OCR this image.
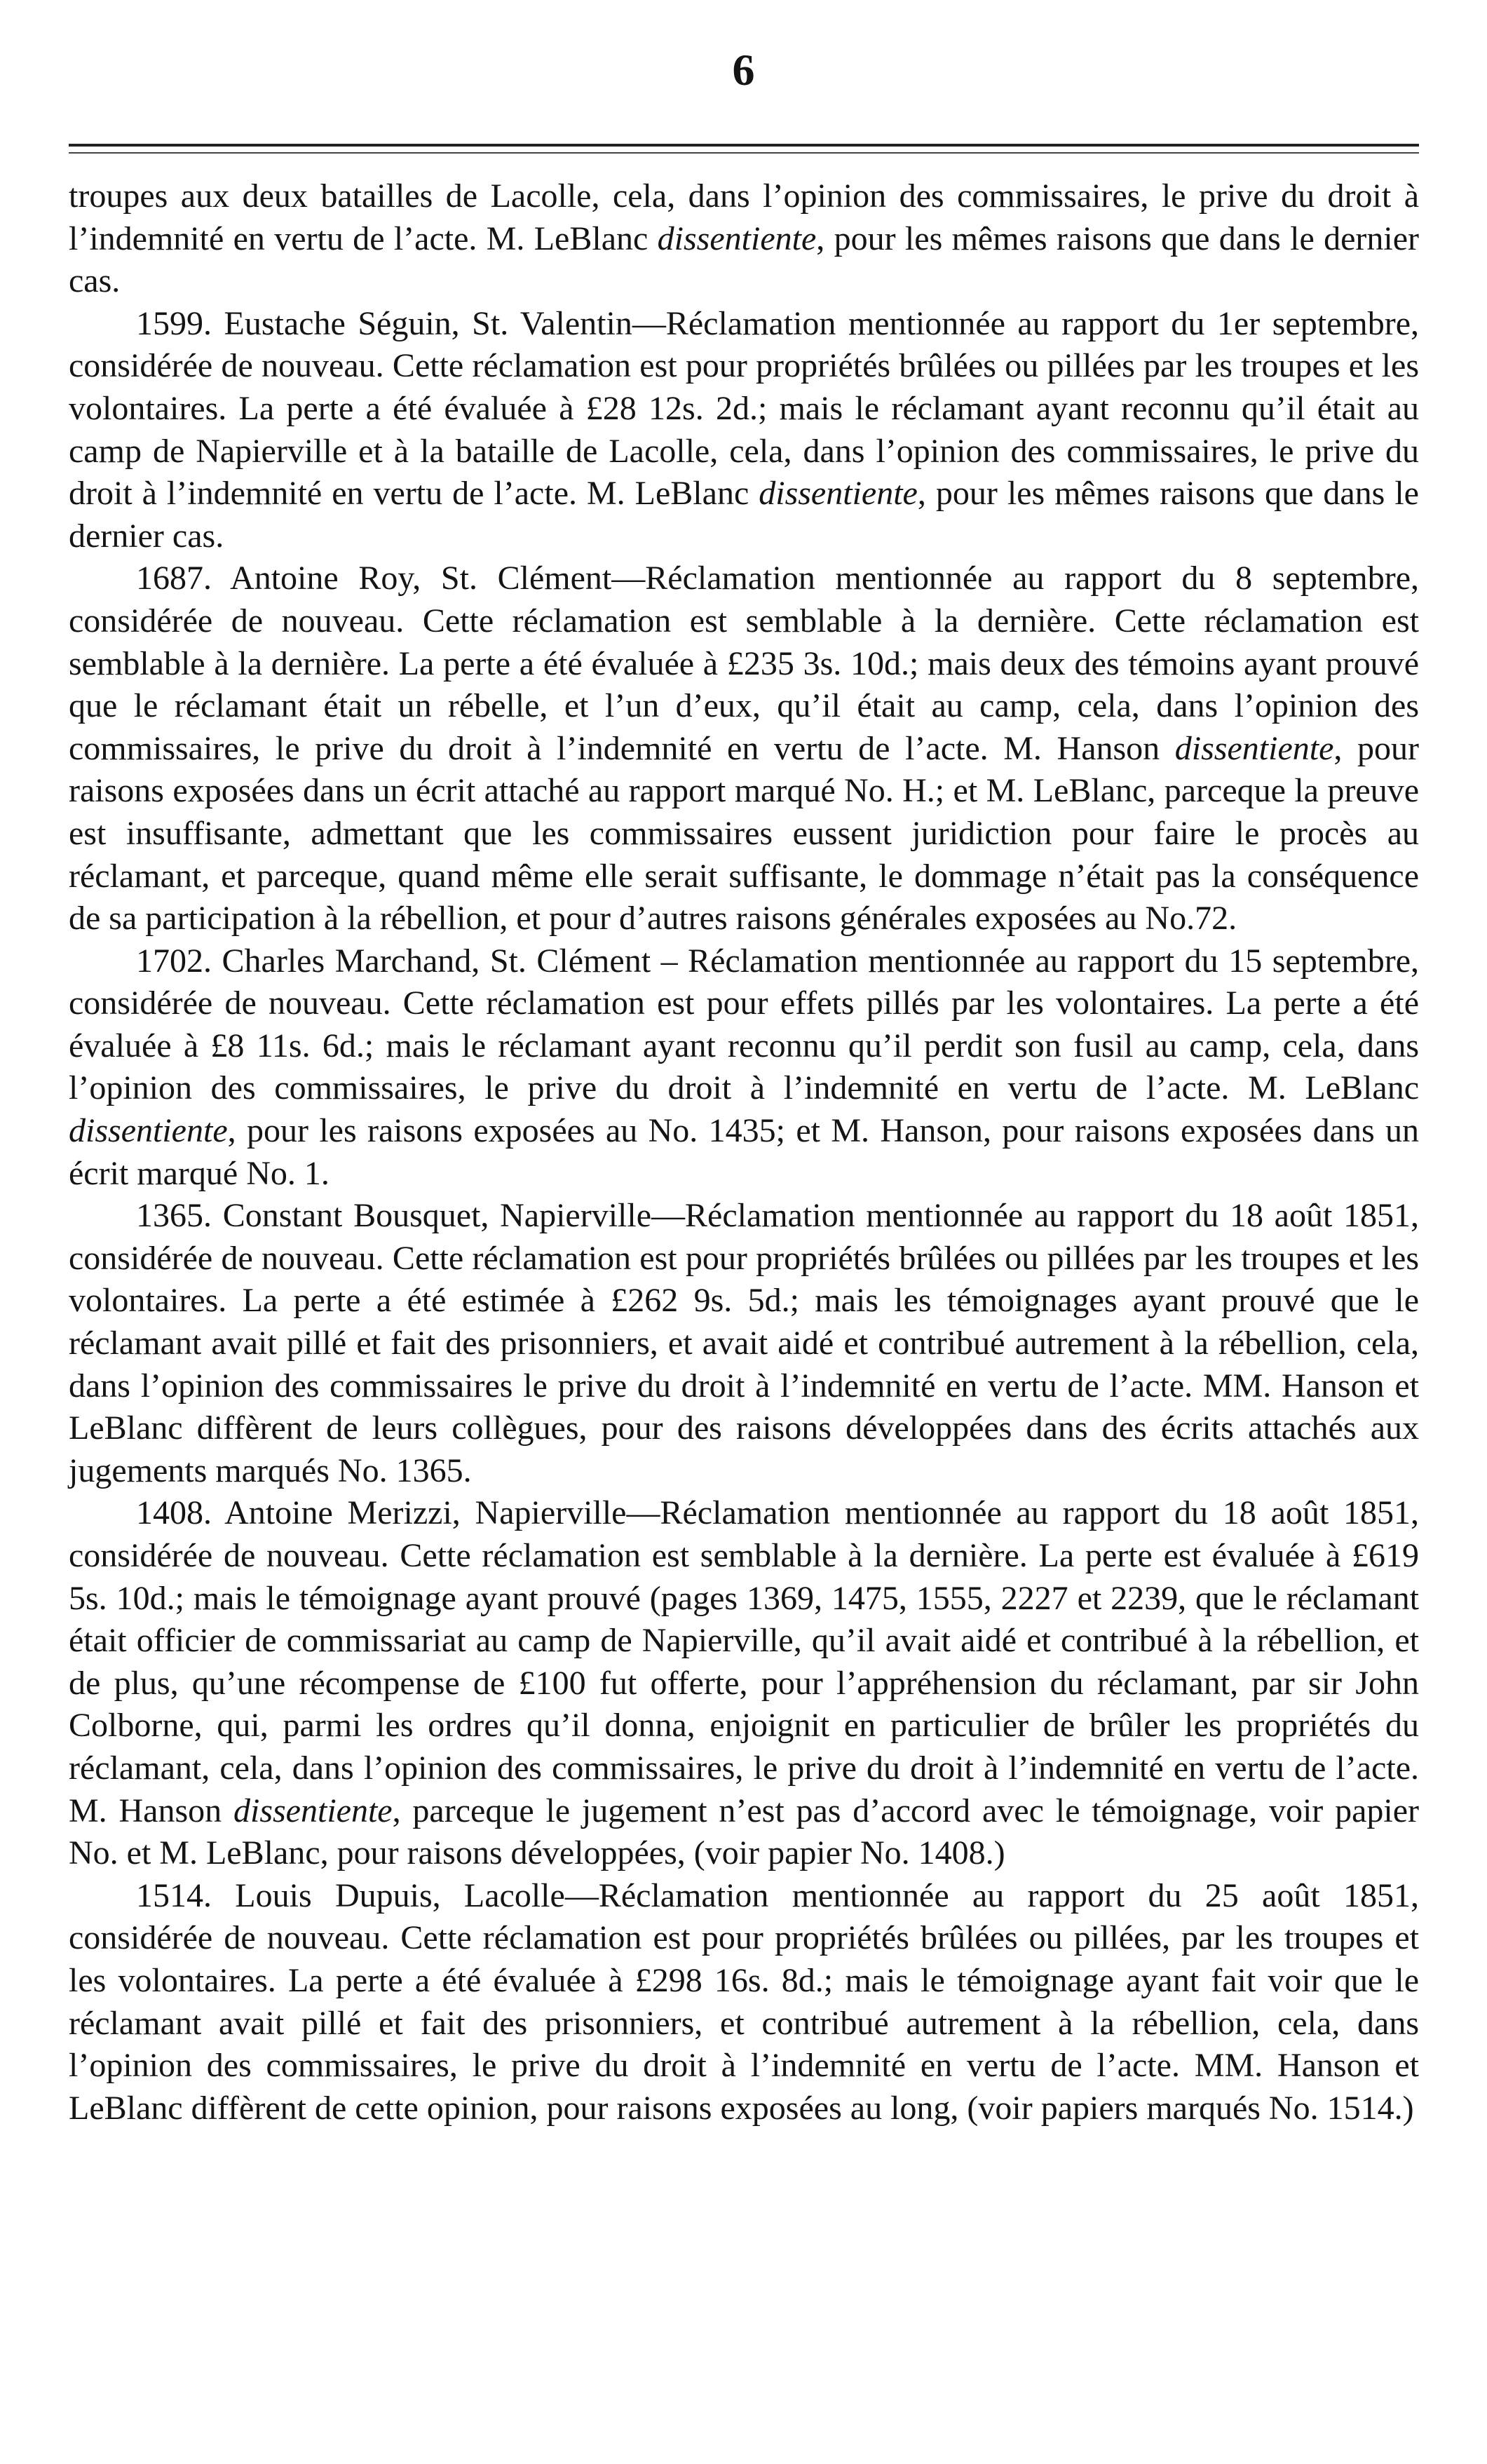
6

troupes aux deux batailles de Lacolle, cela, dans l’opinion des commissaires, le prive du droit à l’indemnité en vertu de l’acte. M. LeBlanc dissentiente, pour les mêmes raisons que dans le dernier cas.

1599. Eustache Séguin, St. Valentin—Réclamation mentionnée au rapport du 1er septembre, considérée de nouveau. Cette réclamation est pour propriétés brûlées ou pillées par les troupes et les volontaires. La perte a été évaluée à £28 12s. 2d.; mais le réclamant ayant reconnu qu’il était au camp de Napierville et à la bataille de Lacolle, cela, dans l’opinion des commissaires, le prive du droit à l’indemnité en vertu de l’acte. M. LeBlanc dissentiente, pour les mêmes raisons que dans le dernier cas.

1687. Antoine Roy, St. Clément—Réclamation mentionnée au rapport du 8 septembre, considérée de nouveau. Cette réclamation est semblable à la dernière. Cette réclamation est semblable à la dernière. La perte a été évaluée à £235 3s. 10d.; mais deux des témoins ayant prouvé que le réclamant était un rébelle, et l’un d’eux, qu’il était au camp, cela, dans l’opinion des commissaires, le prive du droit à l’indemnité en vertu de l’acte. M. Hanson dissentiente, pour raisons exposées dans un écrit attaché au rapport marqué No. H.; et M. LeBlanc, parceque la preuve est insuffisante, admettant que les commissaires eussent juridiction pour faire le procès au réclamant, et parceque, quand même elle serait suffisante, le dommage n’était pas la conséquence de sa participation à la rébellion, et pour d’autres raisons générales exposées au No.72.

1702. Charles Marchand, St. Clément – Réclamation mentionnée au rapport du 15 septembre, considérée de nouveau. Cette réclamation est pour effets pillés par les volontaires. La perte a été évaluée à £8 11s. 6d.; mais le réclamant ayant reconnu qu’il perdit son fusil au camp, cela, dans l’opinion des commissaires, le prive du droit à l’indemnité en vertu de l’acte. M. LeBlanc dissentiente, pour les raisons exposées au No. 1435; et M. Hanson, pour raisons exposées dans un écrit marqué No. 1.

1365. Constant Bousquet, Napierville—Réclamation mentionnée au rapport du 18 août 1851, considérée de nouveau. Cette réclamation est pour propriétés brûlées ou pillées par les troupes et les volontaires. La perte a été estimée à £262 9s. 5d.; mais les témoignages ayant prouvé que le réclamant avait pillé et fait des prisonniers, et avait aidé et contribué autrement à la rébellion, cela, dans l’opinion des commissaires le prive du droit à l’indemnité en vertu de l’acte. MM. Hanson et LeBlanc diffèrent de leurs collègues, pour des raisons développées dans des écrits attachés aux jugements marqués No. 1365.

1408. Antoine Merizzi, Napierville—Réclamation mentionnée au rapport du 18 août 1851, considérée de nouveau. Cette réclamation est semblable à la dernière. La perte est évaluée à £619 5s. 10d.; mais le témoignage ayant prouvé (pages 1369, 1475, 1555, 2227 et 2239, que le réclamant était officier de commissariat au camp de Napierville, qu’il avait aidé et contribué à la rébellion, et de plus, qu’une récompense de £100 fut offerte, pour l’appréhension du réclamant, par sir John Colborne, qui, parmi les ordres qu’il donna, enjoignit en particulier de brûler les propriétés du réclamant, cela, dans l’opinion des commissaires, le prive du droit à l’indemnité en vertu de l’acte. M. Hanson dissentiente, parceque le jugement n’est pas d’accord avec le témoignage, voir papier No. et M. LeBlanc, pour raisons développées, (voir papier No. 1408.)

1514. Louis Dupuis, Lacolle—Réclamation mentionnée au rapport du 25 août 1851, considérée de nouveau. Cette réclamation est pour propriétés brûlées ou pillées, par les troupes et les volontaires. La perte a été évaluée à £298 16s. 8d.; mais le témoignage ayant fait voir que le réclamant avait pillé et fait des prisonniers, et contribué autrement à la rébellion, cela, dans l’opinion des commissaires, le prive du droit à l’indemnité en vertu de l’acte. MM. Hanson et LeBlanc diffèrent de cette opinion, pour raisons exposées au long, (voir papiers marqués No. 1514.)
